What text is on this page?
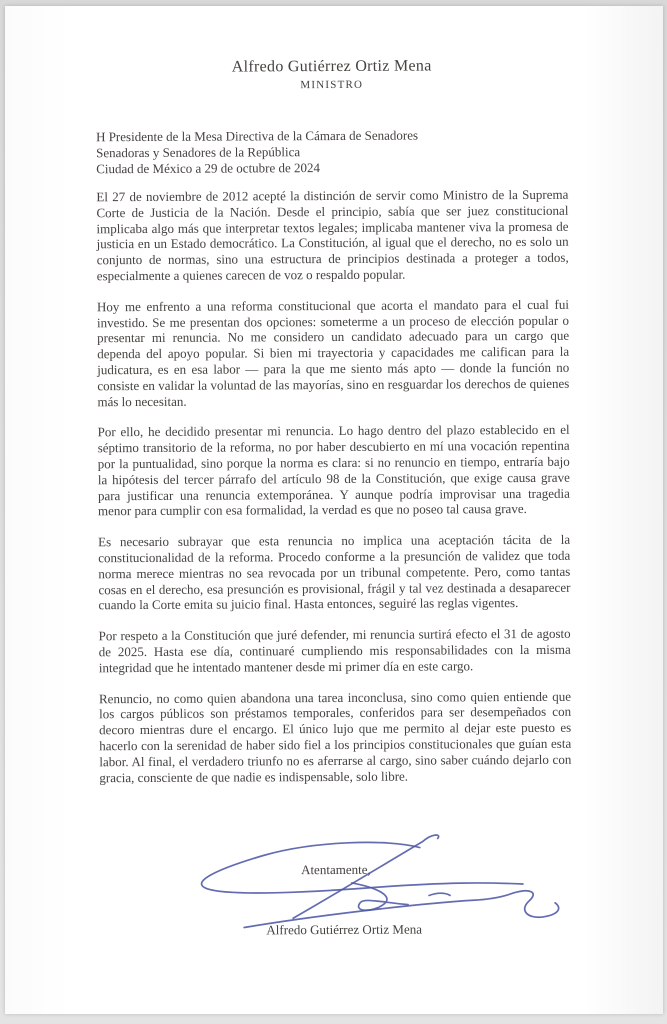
Alfredo Gutiérrez Ortiz Mena
MINISTRO
H Presidente de la Mesa Directiva de la Cámara de Senadores
Senadoras y Senadores de la República
Ciudad de México a 29 de octubre de 2024

El 27 de noviembre de 2012 acepté la distinción de servir como Ministro de la Suprema Corte de Justicia de la Nación. Desde el principio, sabía que ser juez constitucional implicaba algo más que interpretar textos legales; implicaba mantener viva la promesa de justicia en un Estado democrático. La Constitución, al igual que el derecho, no es solo un conjunto de normas, sino una estructura de principios destinada a proteger a todos, especialmente a quienes carecen de voz o respaldo popular.

Hoy me enfrento a una reforma constitucional que acorta el mandato para el cual fui investido. Se me presentan dos opciones: someterme a un proceso de elección popular o presentar mi renuncia. No me considero un candidato adecuado para un cargo que dependa del apoyo popular. Si bien mi trayectoria y capacidades me califican para la judicatura, es en esa labor — para la que me siento más apto — donde la función no consiste en validar la voluntad de las mayorías, sino en resguardar los derechos de quienes más lo necesitan.

Por ello, he decidido presentar mi renuncia. Lo hago dentro del plazo establecido en el séptimo transitorio de la reforma, no por haber descubierto en mí una vocación repentina por la puntualidad, sino porque la norma es clara: si no renuncio en tiempo, entraría bajo la hipótesis del tercer párrafo del artículo 98 de la Constitución, que exige causa grave para justificar una renuncia extemporánea. Y aunque podría improvisar una tragedia menor para cumplir con esa formalidad, la verdad es que no poseo tal causa grave.

Es necesario subrayar que esta renuncia no implica una aceptación tácita de la constitucionalidad de la reforma. Procedo conforme a la presunción de validez que toda norma merece mientras no sea revocada por un tribunal competente. Pero, como tantas cosas en el derecho, esa presunción es provisional, frágil y tal vez destinada a desaparecer cuando la Corte emita su juicio final. Hasta entonces, seguiré las reglas vigentes.

Por respeto a la Constitución que juré defender, mi renuncia surtirá efecto el 31 de agosto de 2025. Hasta ese día, continuaré cumpliendo mis responsabilidades con la misma integridad que he intentado mantener desde mi primer día en este cargo.

Renuncio, no como quien abandona una tarea inconclusa, sino como quien entiende que los cargos públicos son préstamos temporales, conferidos para ser desempeñados con decoro mientras dure el encargo. El único lujo que me permito al dejar este puesto es hacerlo con la serenidad de haber sido fiel a los principios constitucionales que guían esta labor. Al final, el verdadero triunfo no es aferrarse al cargo, sino saber cuándo dejarlo con gracia, consciente de que nadie es indispensable, solo libre.

Atentamente,
Alfredo Gutiérrez Ortiz Mena
